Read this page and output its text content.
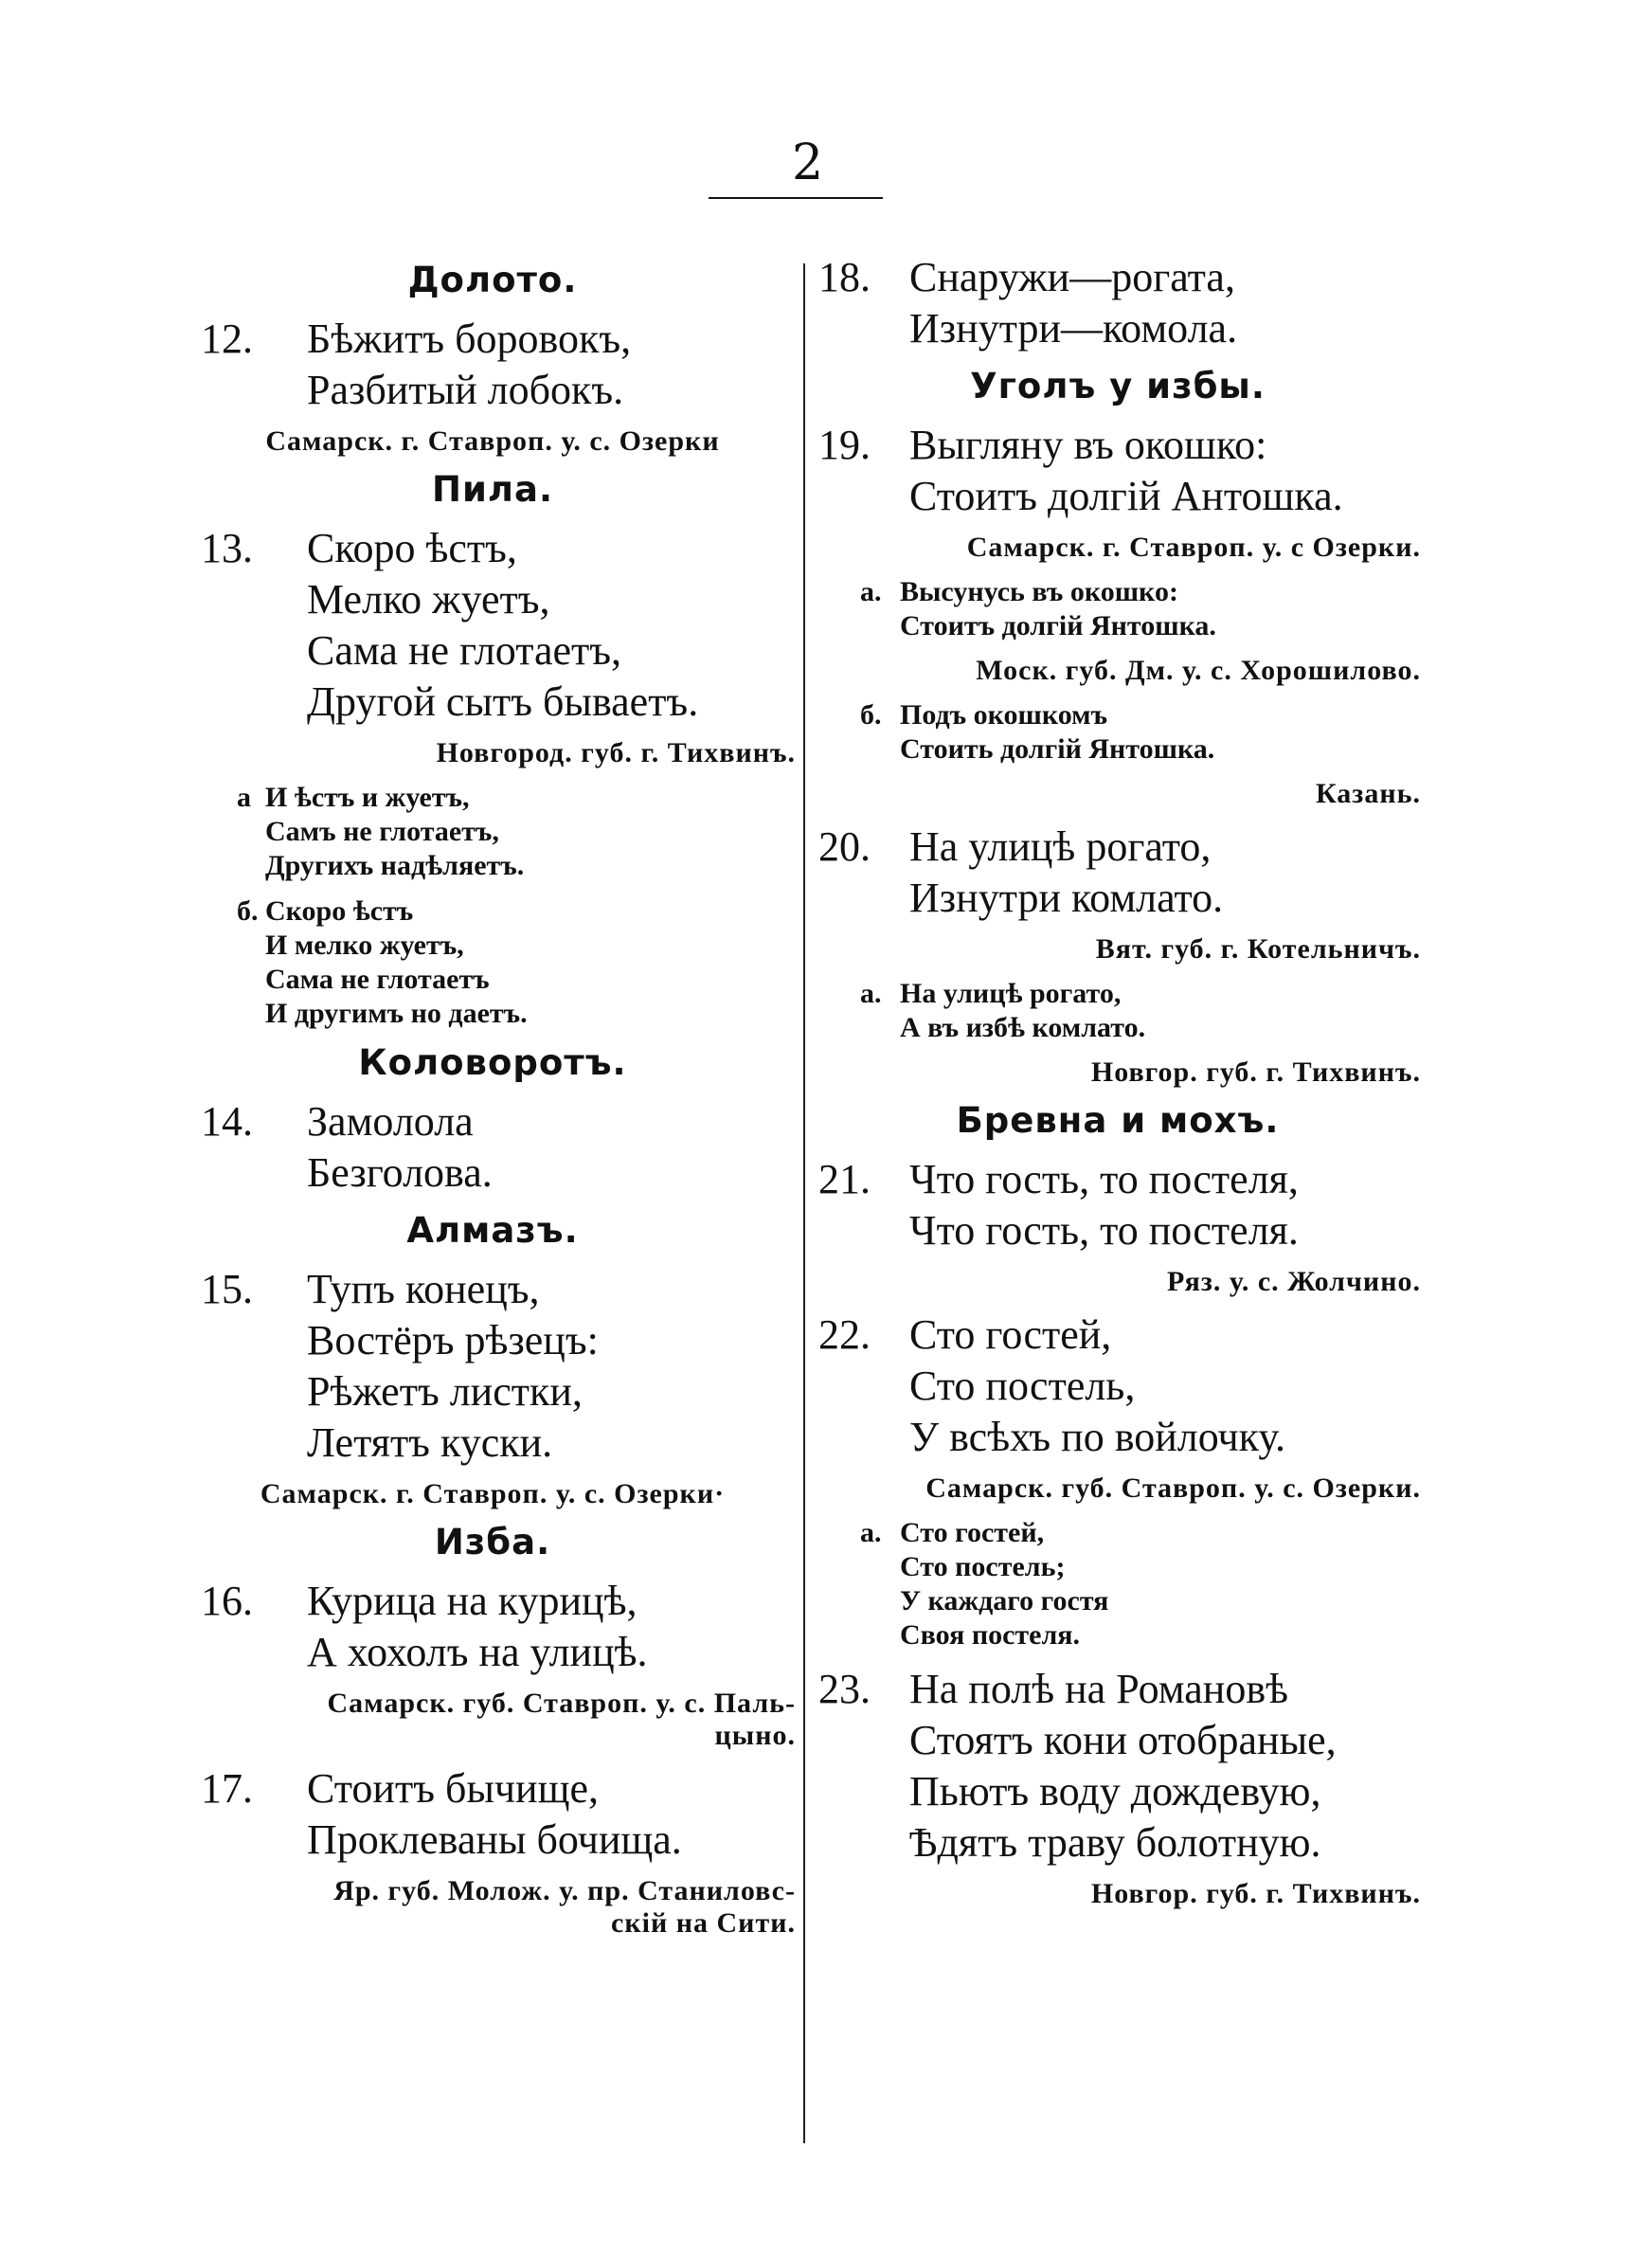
2
Долото.
12. Бѣжитъ боровокъ,
Разбитый лобокъ.
Самарск. г. Ставроп. у. с. Озерки
Пила.
13. Скоро ѣстъ,
Мелко жуетъ,
Сама не глотаетъ,
Другой сытъ бываетъ.
Новгород. губ. г. Тихвинъ.
а И ѣстъ и жуетъ,
Самъ не глотаетъ,
Другихъ надѣляетъ.
б. Скоро ѣстъ
И мелко жуетъ,
Сама не глотаетъ
И другимъ но даетъ.
Коловоротъ.
14. Замолола
Безголова.
Алмазъ.
15. Тупъ конецъ,
Востёръ рѣзецъ:
Рѣжетъ листки,
Летятъ куски.
Самарск. г. Ставроп. у. с. Озерки·
Изба.
16. Курица на курицѣ,
А хохолъ на улицѣ.
Самарск. губ. Ставроп. у. с. Паль-
цыно.
17. Стоитъ бычище,
Проклеваны бочища.
Яр. губ. Молож. у. пр. Станиловс-
скій на Сити.
18. Снаружи—рогата,
Изнутри—комола.
Уголъ у избы.
19. Выгляну въ окошко:
Стоитъ долгій Антошка.
Самарск. г. Ставроп. у. с Озерки.
а. Высунусь въ окошко:
Стоитъ долгій Янтошка.
Моск. губ. Дм. у. с. Хорошилово.
б. Подъ окошкомъ
Стоить долгій Янтошка.
Казань.
20. На улицѣ рогато,
Изнутри комлато.
Вят. губ. г. Котельничъ.
а. На улицѣ рогато,
А въ избѣ комлато.
Новгор. губ. г. Тихвинъ.
Бревна и мохъ.
21. Что гость, то постеля,
Что гость, то постеля.
Ряз. у. с. Жолчино.
22. Сто гостей,
Сто постель,
У всѣхъ по войлочку.
Самарск. губ. Ставроп. у. с. Озерки.
а. Сто гостей,
Сто постель;
У каждаго гостя
Своя постеля.
23. На полѣ на Романовѣ
Стоятъ кони отобраные,
Пьютъ воду дождевую,
Ѣдятъ траву болотную.
Новгор. губ. г. Тихвинъ.
